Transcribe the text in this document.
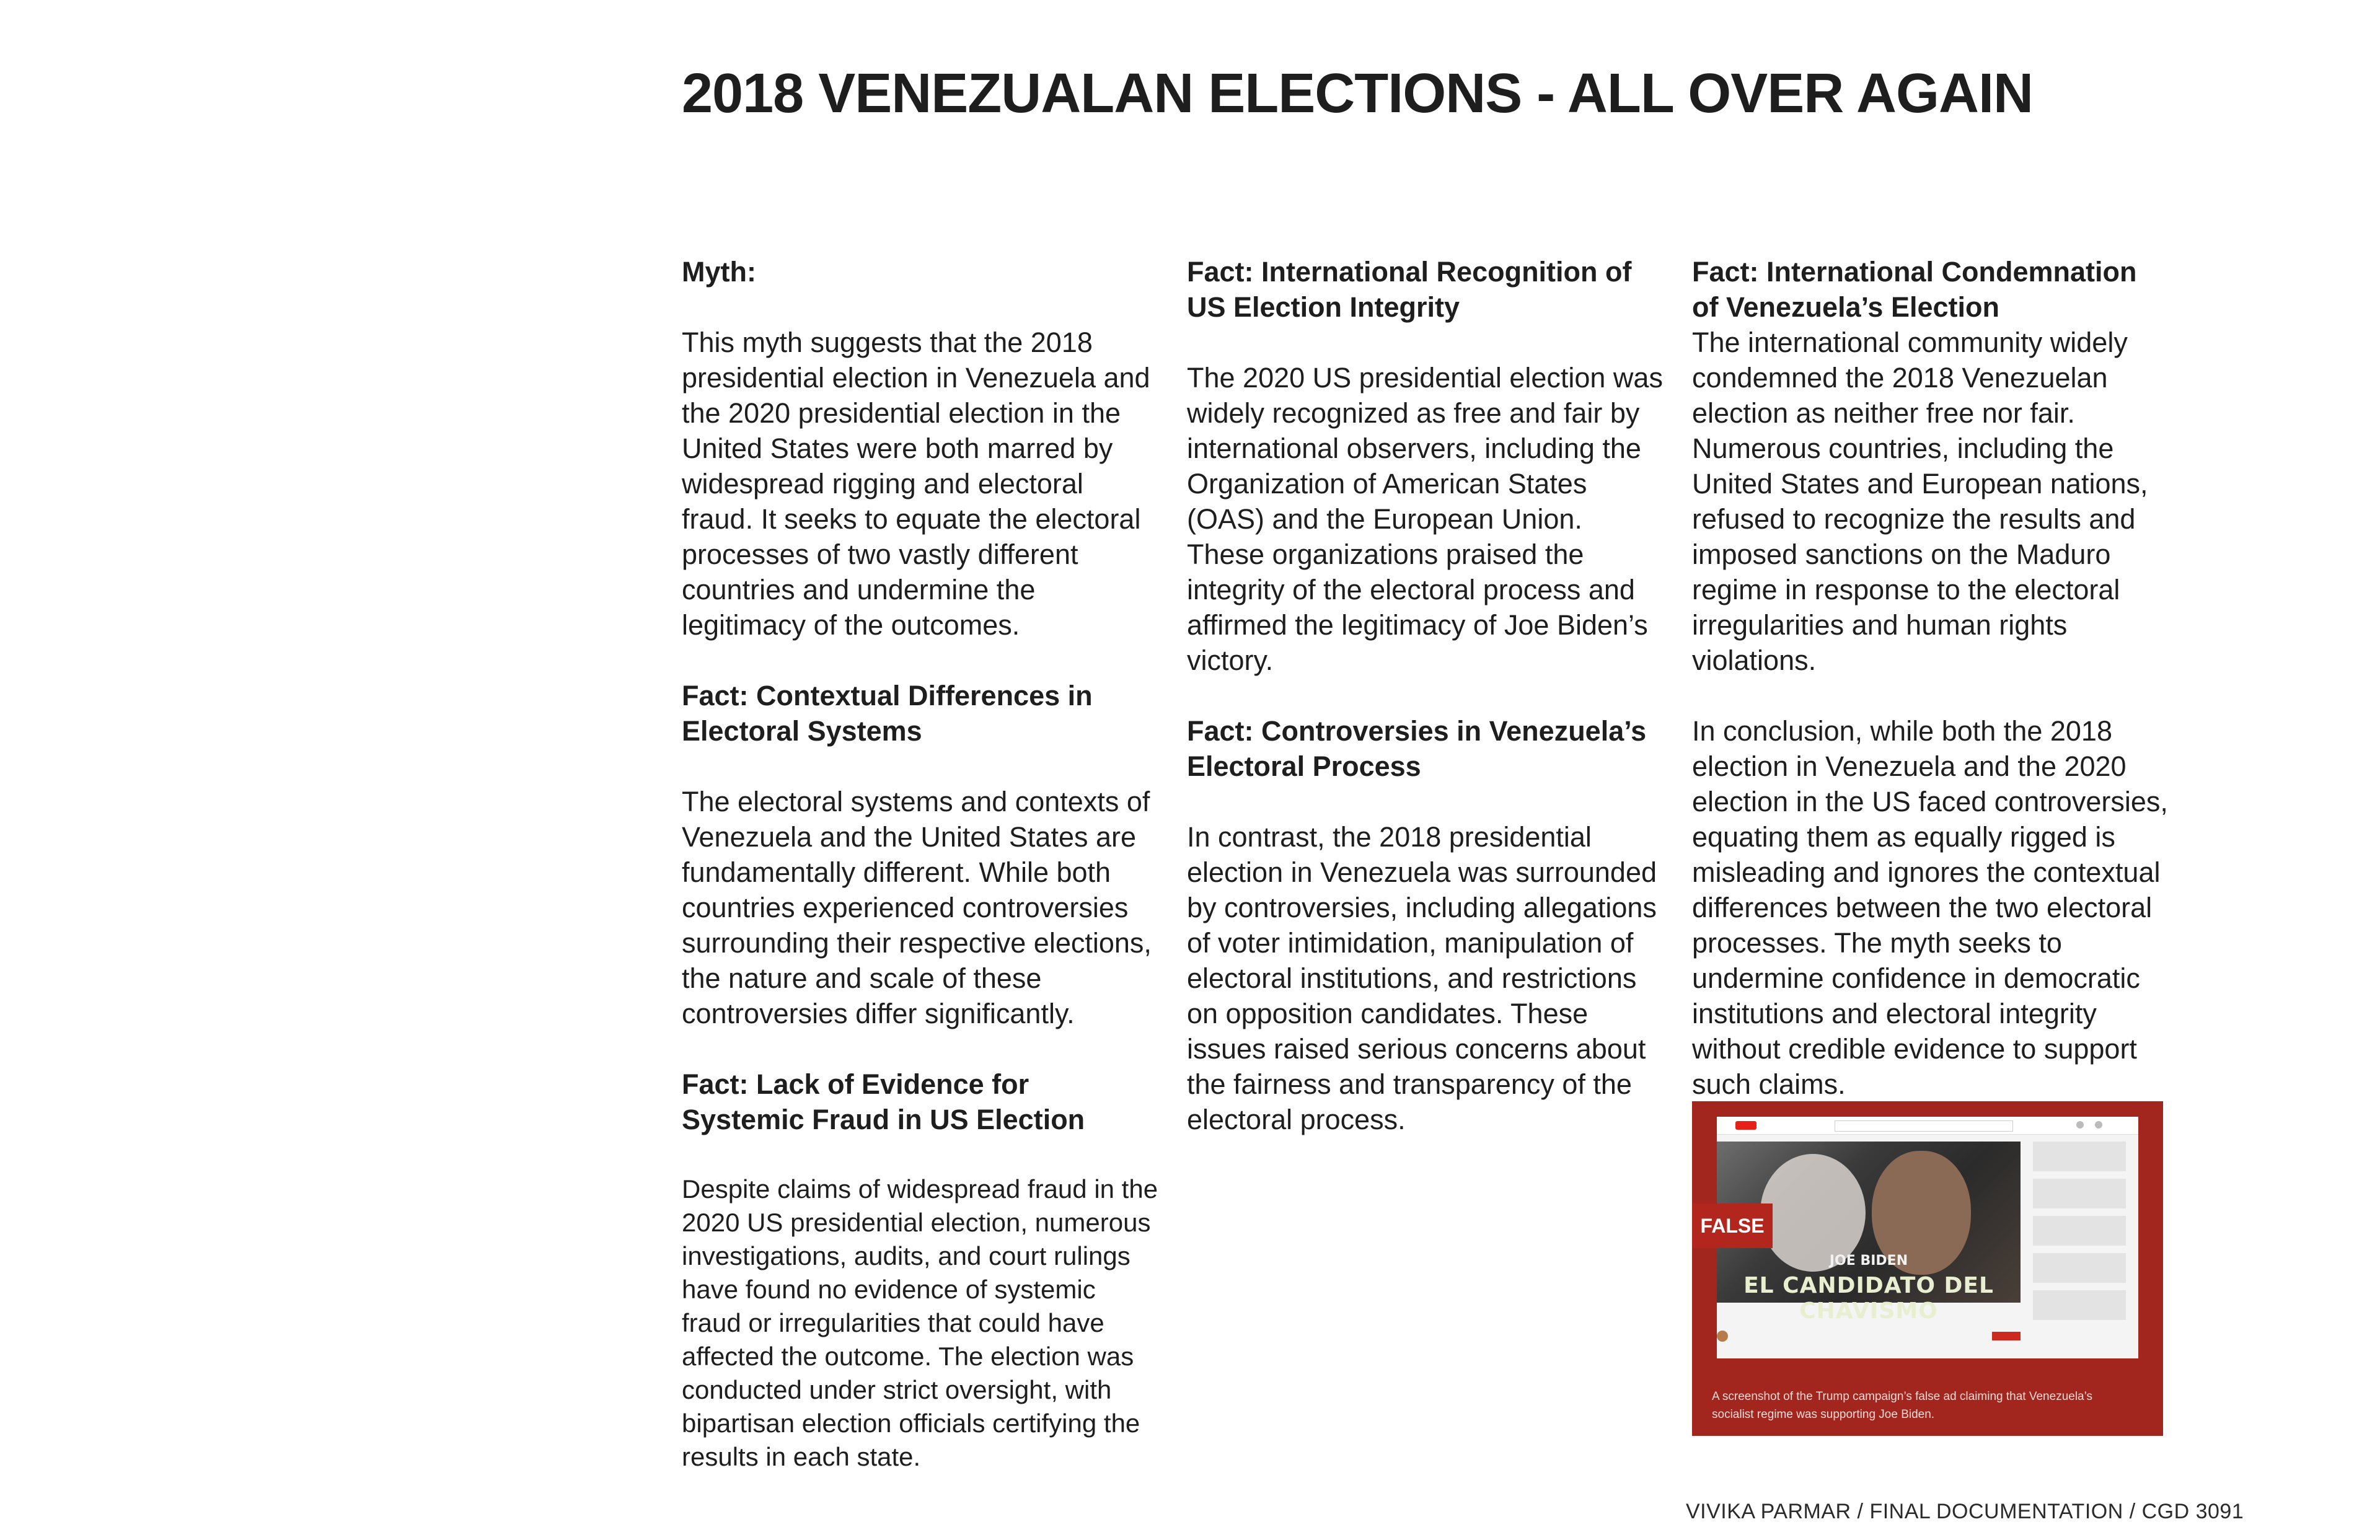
2018 VENEZUALAN ELECTIONS - ALL OVER AGAIN
Myth:

This myth suggests that the 2018 presidential election in Venezuela and the 2020 presidential election in the United States were both marred by widespread rigging and electoral fraud. It seeks to equate the electoral processes of two vastly different countries and undermine the legitimacy of the outcomes.

Fact: Contextual Differences in Electoral Systems

The electoral systems and contexts of Venezuela and the United States are fundamentally different. While both countries experienced controversies surrounding their respective elections, the nature and scale of these controversies differ significantly.

Fact: Lack of Evidence for Systemic Fraud in US Election

Despite claims of widespread fraud in the 2020 US presidential election, numerous investigations, audits, and court rulings have found no evidence of systemic fraud or irregularities that could have affected the outcome. The election was conducted under strict oversight, with bipartisan election officials certifying the results in each state.

Fact: International Recognition of US Election Integrity

The 2020 US presidential election was widely recognized as free and fair by international observers, including the Organization of American States (OAS) and the European Union. These organizations praised the integrity of the electoral process and affirmed the legitimacy of Joe Biden’s victory.

Fact: Controversies in Venezuela’s Electoral Process

In contrast, the 2018 presidential election in Venezuela was surrounded by controversies, including allegations of voter intimidation, manipulation of electoral institutions, and restrictions on opposition candidates. These issues raised serious concerns about the fairness and transparency of the electoral process.

Fact: International Condemnation of Venezuela’s Election

The international community widely condemned the 2018 Venezuelan election as neither free nor fair. Numerous countries, including the United States and European nations, refused to recognize the results and imposed sanctions on the Maduro regime in response to the electoral irregularities and human rights violations.

In conclusion, while both the 2018 election in Venezuela and the 2020 election in the US faced controversies, equating them as equally rigged is misleading and ignores the contextual differences between the two electoral processes. The myth seeks to undermine confidence in democratic institutions and electoral integrity without credible evidence to support such claims.

JOE BIDEN
EL CANDIDATO DEL CHAVISMO
FALSE

A screenshot of the Trump campaign’s false ad claiming that Venezuela’s socialist regime was supporting Joe Biden.

VIVIKA PARMAR / FINAL DOCUMENTATION / CGD 3091
